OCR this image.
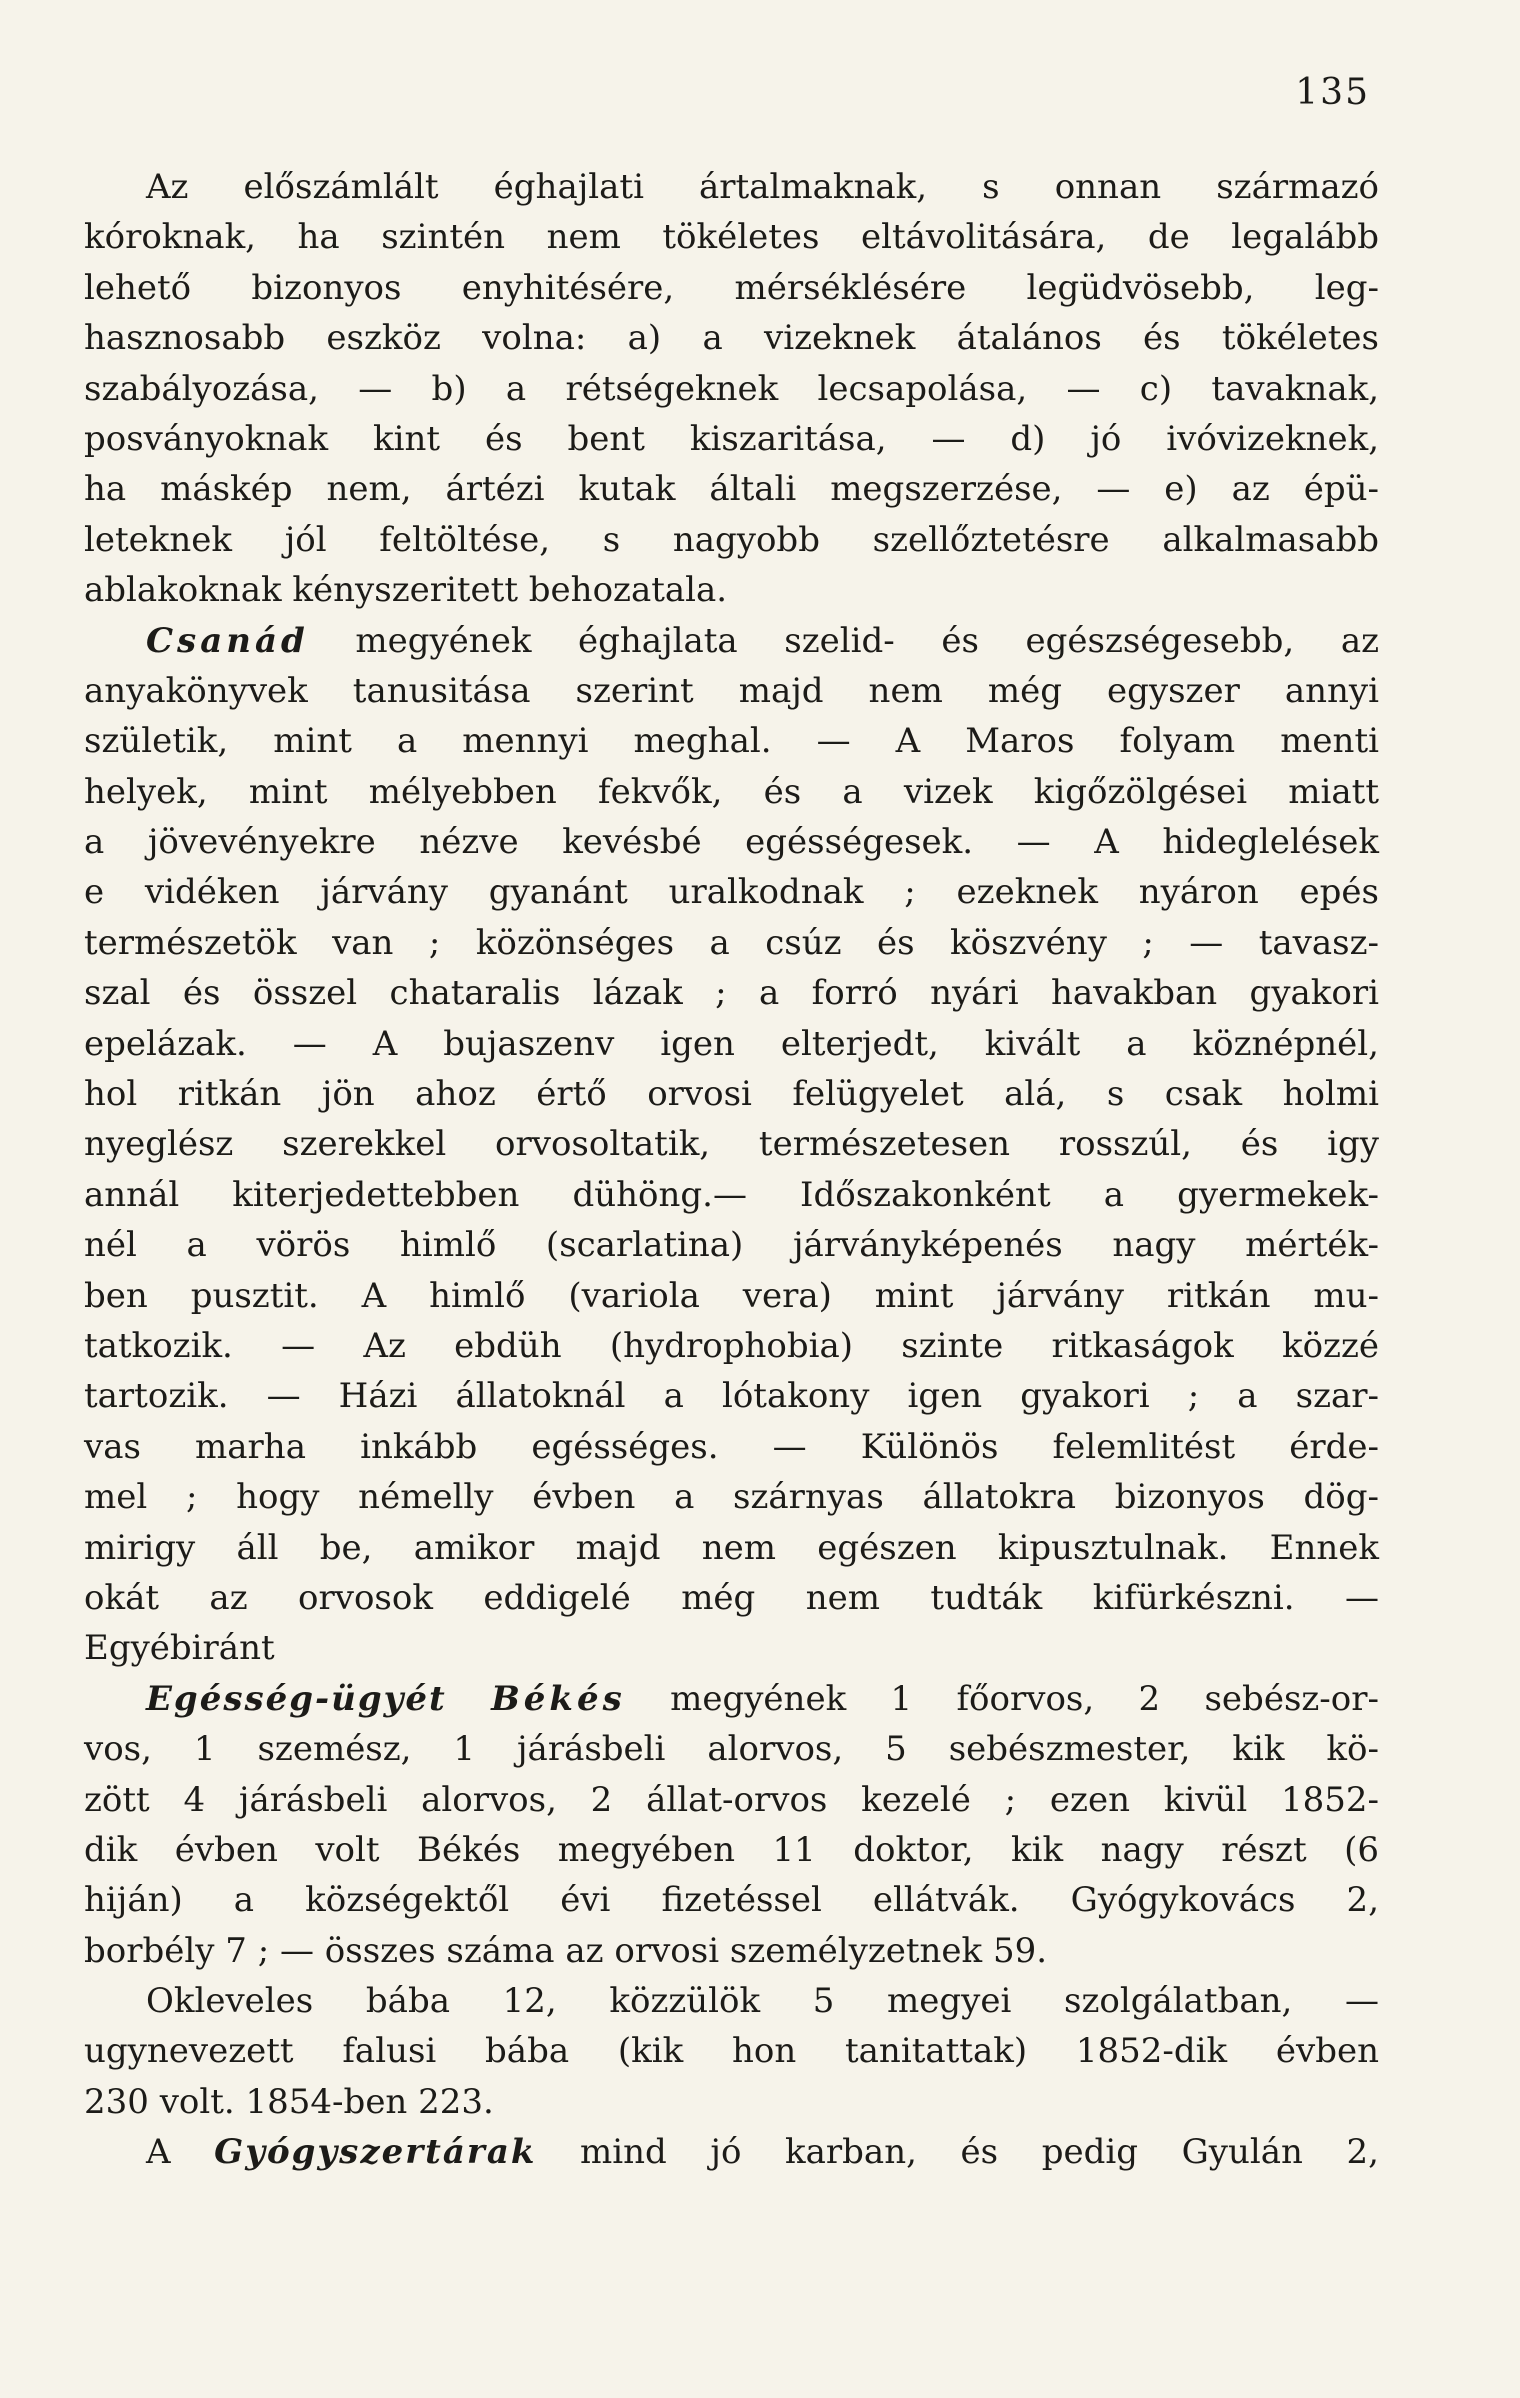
135
Az előszámlált éghajlati ártalmaknak, s onnan származó
kóroknak, ha szintén nem tökéletes eltávolitására, de legalább
lehető bizonyos enyhitésére, mérséklésére legüdvösebb, leg-
hasznosabb eszköz volna: a) a vizeknek átalános és tökéletes
szabályozása, — b) a rétségeknek lecsapolása, — c) tavaknak,
posványoknak kint és bent kiszaritása, — d) jó ivóvizeknek,
ha máskép nem, ártézi kutak általi megszerzése, — e) az épü-
leteknek jól feltöltése, s nagyobb szellőztetésre alkalmasabb
ablakoknak kényszeritett behozatala.
Csanád megyének éghajlata szelid- és egészségesebb, az
anyakönyvek tanusitása szerint majd nem még egyszer annyi
születik, mint a mennyi meghal. — A Maros folyam menti
helyek, mint mélyebben fekvők, és a vizek kigőzölgései miatt
a jövevényekre nézve kevésbé egésségesek. — A hideglelések
e vidéken járvány gyanánt uralkodnak ; ezeknek nyáron epés
természetök van ; közönséges a csúz és köszvény ; — tavasz-
szal és összel chataralis lázak ; a forró nyári havakban gyakori
epelázak. — A bujaszenv igen elterjedt, kivált a köznépnél,
hol ritkán jön ahoz értő orvosi felügyelet alá, s csak holmi
nyeglész szerekkel orvosoltatik, természetesen rosszúl, és igy
annál kiterjedettebben dühöng.— Időszakonként a gyermekek-
nél a vörös himlő (scarlatina) járványképenés nagy mérték-
ben pusztit. A himlő (variola vera) mint járvány ritkán mu-
tatkozik. — Az ebdüh (hydrophobia) szinte ritkaságok közzé
tartozik. — Házi állatoknál a lótakony igen gyakori ; a szar-
vas marha inkább egésséges. — Különös felemlitést érde-
mel ; hogy némelly évben a szárnyas állatokra bizonyos dög-
mirigy áll be, amikor majd nem egészen kipusztulnak. Ennek
okát az orvosok eddigelé még nem tudták kifürkészni. —
Egyébiránt
Egésség-ügyét Békés megyének 1 főorvos, 2 sebész-or-
vos, 1 szemész, 1 járásbeli alorvos, 5 sebészmester, kik kö-
zött 4 járásbeli alorvos, 2 állat-orvos kezelé ; ezen kivül 1852-
dik évben volt Békés megyében 11 doktor, kik nagy részt (6
hiján) a községektől évi fizetéssel ellátvák. Gyógykovács 2,
borbély 7 ; — összes száma az orvosi személyzetnek 59.
Okleveles bába 12, közzülök 5 megyei szolgálatban, —
ugynevezett falusi bába (kik hon tanitattak) 1852-dik évben
230 volt. 1854-ben 223.
A Gyógyszertárak mind jó karban, és pedig Gyulán 2,
